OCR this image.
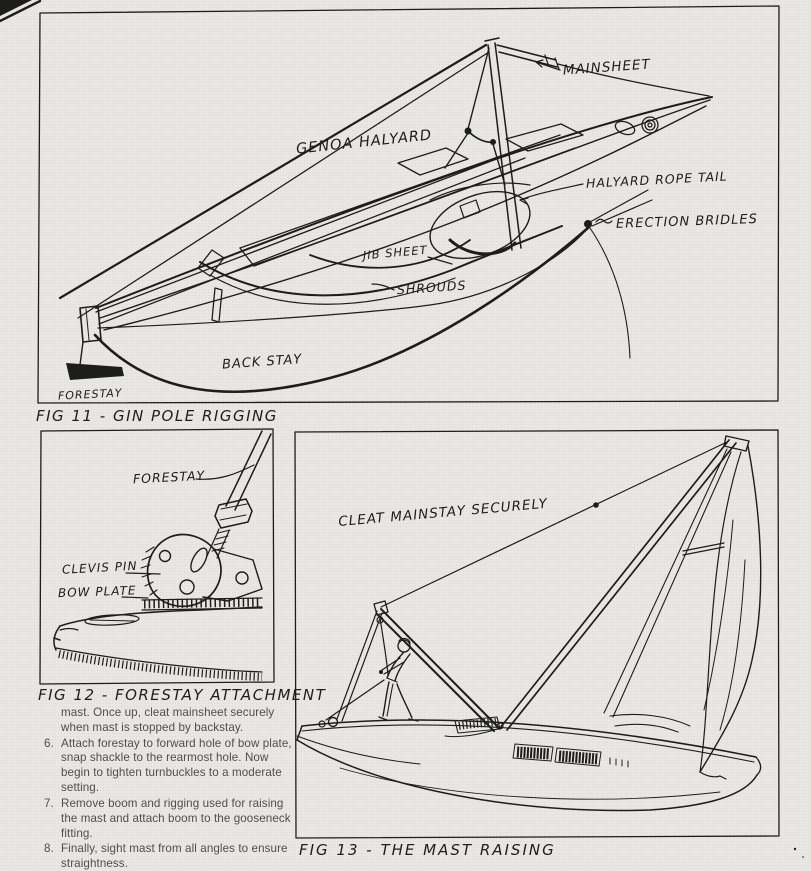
GENOA HALYARD
MAINSHEET
HALYARD ROPE TAIL
ERECTION BRIDLES
JIB SHEET
SHROUDS
BACK STAY
FORESTAY
FORESTAY
CLEVIS PIN
BOW PLATE
CLEAT MAINSTAY SECURELY
FIG 11 - GIN POLE RIGGING
FIG 12 - FORESTAY ATTACHMENT
FIG 13 - THE MAST RAISING

mast. Once up, cleat mainsheet securely when mast is stopped by backstay.

6. Attach forestay to forward hole of bow plate, snap shackle to the rearmost hole. Now begin to tighten turnbuckles to a moderate setting.
7. Remove boom and rigging used for raising the mast and attach boom to the gooseneck fitting.
8. Finally, sight mast from all angles to ensure straightness.
